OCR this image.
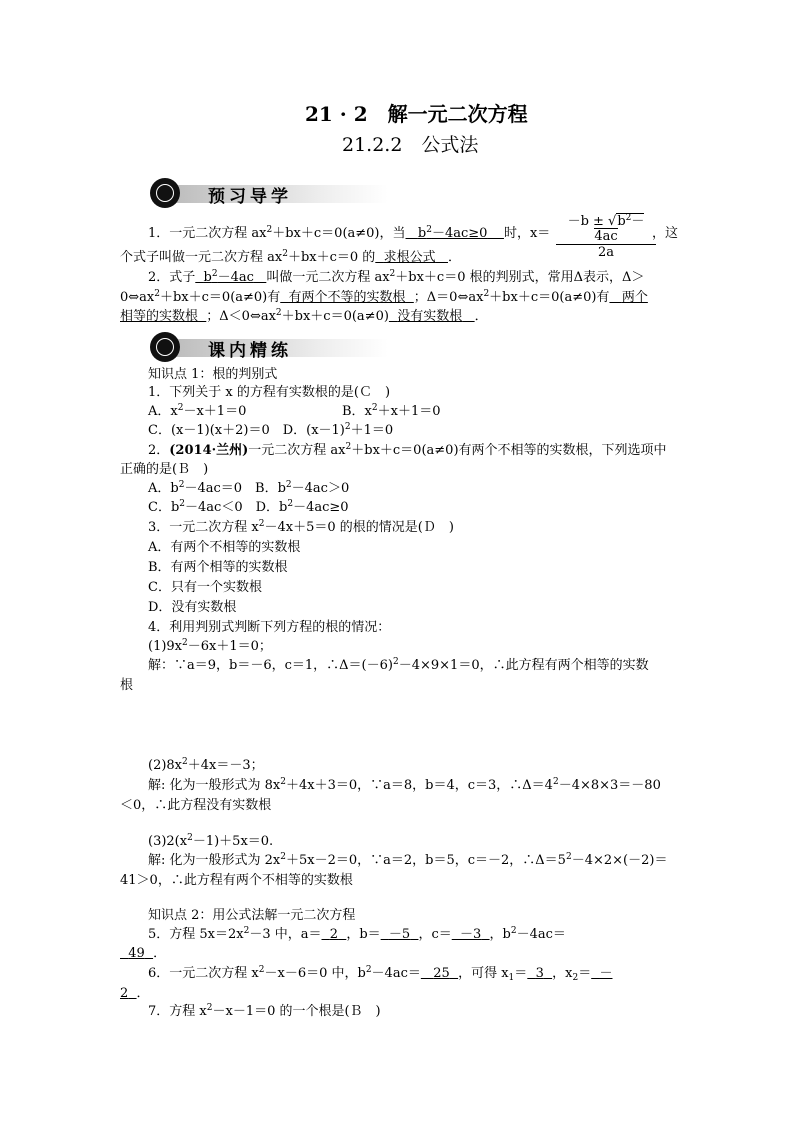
21 · 2　解一元二次方程
21.2.2　公式法
预习导学
1．一元二次方程 $ax^2+bx+c=0(a\ne 0)$，当 $b^2-4ac\ge 0$ 时，$x= \frac{-b \pm √b^2-4ac}{2a}$
，这
个式子叫做一元二次方程 $ax^2+bx+c=0$ 的 求根公式 ．
2．式子 $b^2-4ac$ 叫做一元二次方程 $ax^2+bx+c=0$ 根的判别式，常用Δ表示，Δ＞
$0\Leftrightarrow ax^2+bx+c=0(a\ne 0)$有 有两个不等的实数根 ；$\Delta=0\Leftrightarrow ax^2+bx+c=0(a\ne 0)$有 两个
相等的实数根 ；$\Delta<0\Leftrightarrow ax^2+bx+c=0(a\ne 0)$ 没有实数根 ．
课内精练
知识点 1：根的判别式
1．下列关于 x 的方程有实数根的是(Ｃ　)
A．$x^2-x+1=0$	B．$x^2+x+1=0$
C．(x－1)(x＋2)＝0　D．$(x-1)^2+1=0$
2．(2014·兰州)一元二次方程 $ax^2+bx+c=0(a\ne 0)$有两个不相等的实数根，下列选项中
正确的是(Ｂ　)
A．$b^2-4ac=0$　B．$b^2-4ac>0$
C．$b^2-4ac<0$　D．$b^2-4ac\ge 0$
3．一元二次方程 $x^2-4x+5=0$ 的根的情况是(Ｄ　)
A．有两个不相等的实数根
B．有两个相等的实数根
C．只有一个实数根
D．没有实数根
4．利用判别式判断下列方程的根的情况：
$(1)9x^2-6x+1=0$；
解：∵a＝9，b＝－6，c＝1，$\therefore\Delta=(-6)^2-4\times 9\times 1=0$，∴此方程有两个相等的实数
根
$(2)8x^2+4x=-3$；
解: 化为一般形式为 $8x^2+4x+3=0$，∵a＝8，b＝4，c＝3，$\therefore\Delta=4^2-4\times 8\times 3=-80$
＜0，∴此方程没有实数根
$(3)2(x^2-1)+5x=0$.
解: 化为一般形式为 $2x^2+5x-2=0$，∵a＝2，b＝5，c＝－2，$\therefore\Delta=5^2-4\times 2\times(-2)=$
41＞0，∴此方程有两个不相等的实数根
知识点 2：用公式法解一元二次方程
5．方程 $5x=2x^2-3$ 中，a＝ 2 ，b＝ －5 ，c＝ －3 ，$b^2-4ac=$
49 ．
6．一元二次方程 $x^2-x-6=0$ 中，$b^2-4ac= 25$ ，可得 $x_1= 3$ ，$x_2=$ －
2 ．
7．方程 $x^2-x-1=0$ 的一个根是(Ｂ　)
